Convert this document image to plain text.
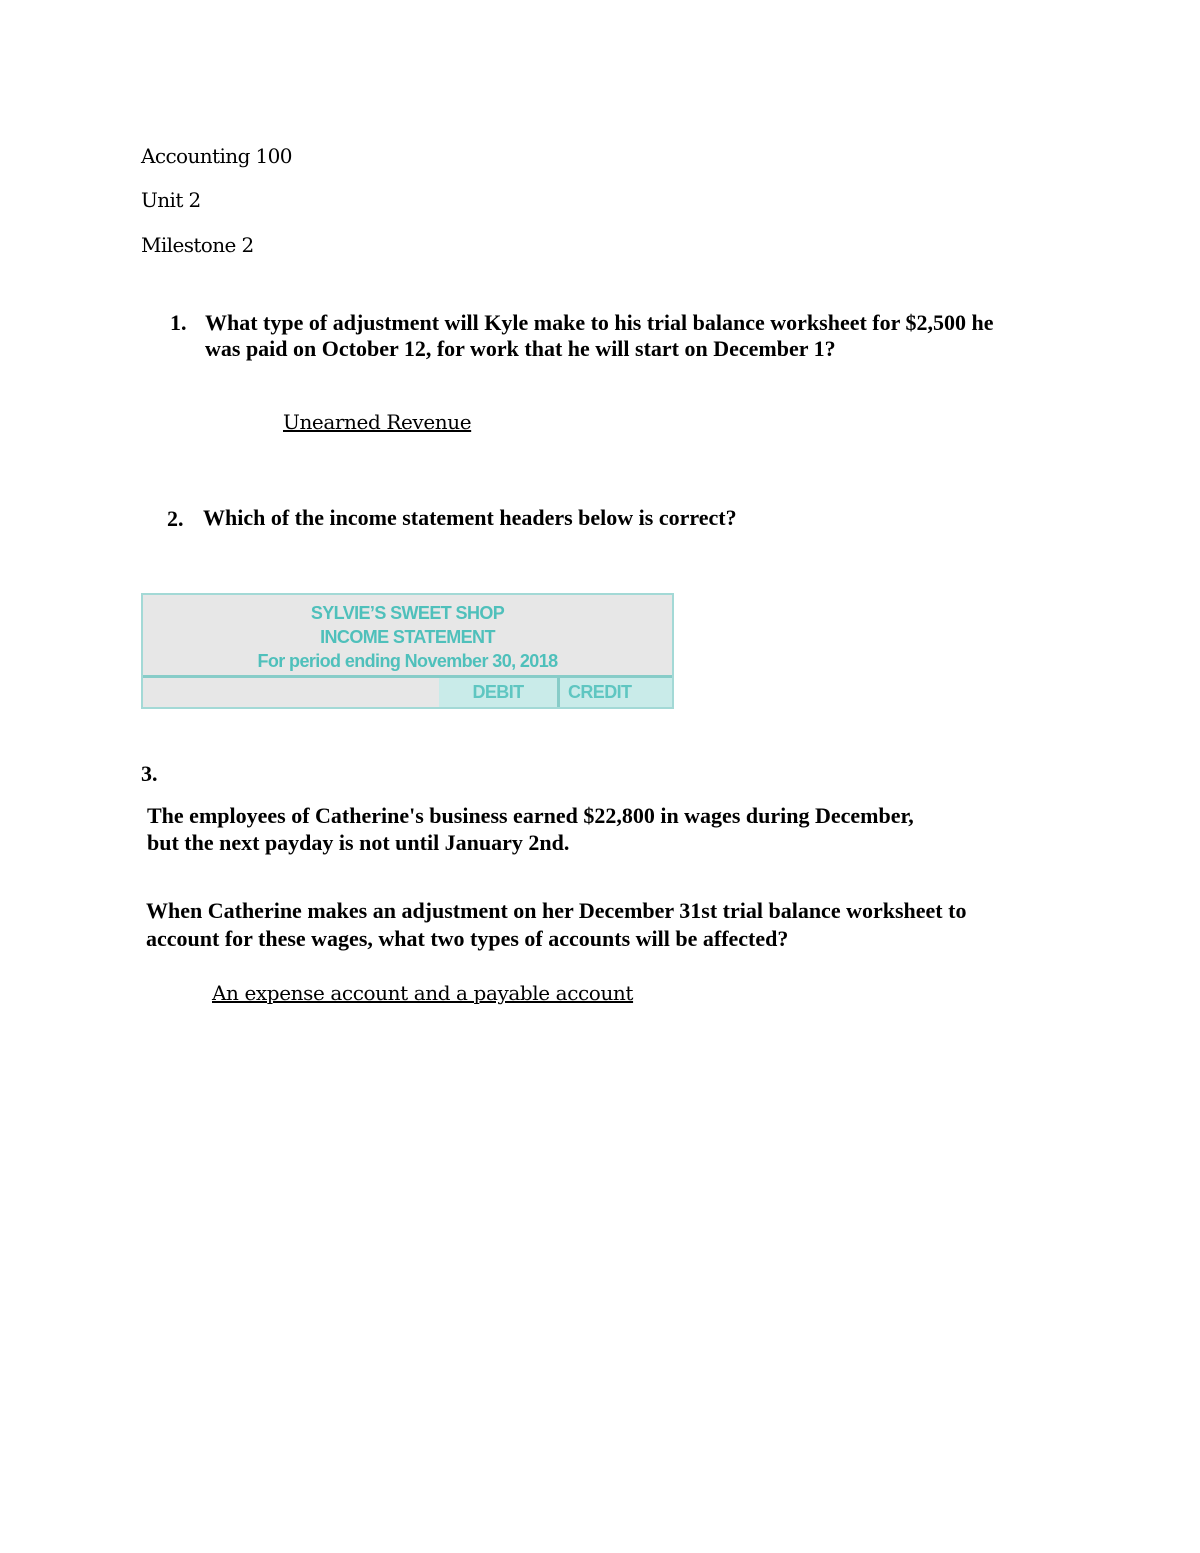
Accounting 100
Unit 2
Milestone 2
1. What type of adjustment will Kyle make to his trial balance worksheet for $2,500 he
was paid on October 12, for work that he will start on December 1?
Unearned Revenue
2. Which of the income statement headers below is correct?
SYLVIE’S SWEET SHOP
INCOME STATEMENT
For period ending November 30, 2018
DEBIT	CREDIT
3.
The employees of Catherine's business earned $22,800 in wages during December,
but the next payday is not until January 2nd.
When Catherine makes an adjustment on her December 31st trial balance worksheet to
account for these wages, what two types of accounts will be affected?
An expense account and a payable account
